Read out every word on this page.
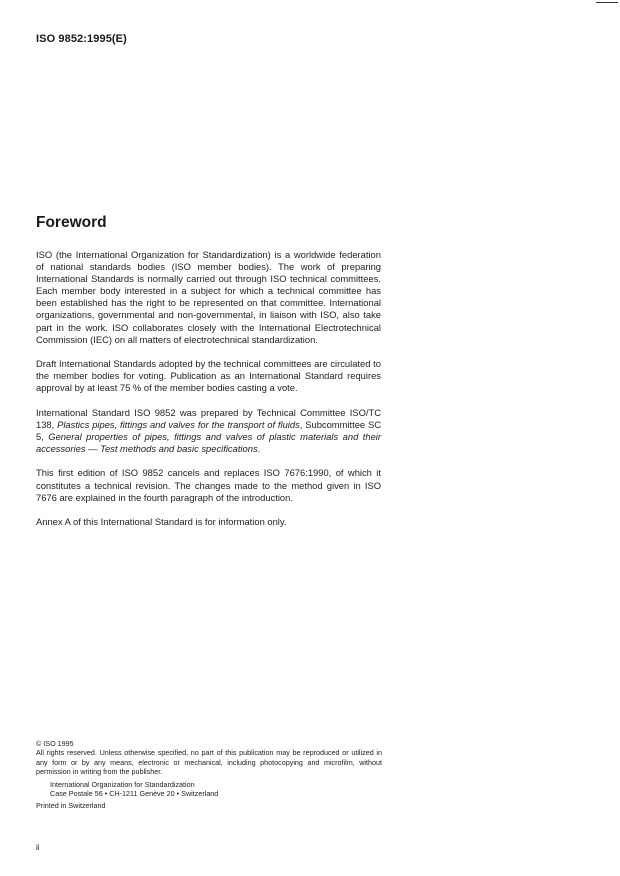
ISO 9852:1995(E)
Foreword

ISO (the International Organization for Standardization) is a worldwide federation of national standards bodies (ISO member bodies). The work of preparing International Standards is normally carried out through ISO technical committees. Each member body interested in a subject for which a technical committee has been established has the right to be represented on that committee. International organizations, governmental and non-governmental, in liaison with ISO, also take part in the work. ISO collaborates closely with the International Electrotechnical Commission (IEC) on all matters of electrotechnical standardization.

Draft International Standards adopted by the technical committees are circulated to the member bodies for voting. Publication as an International Standard requires approval by at least 75 % of the member bodies casting a vote.

International Standard ISO 9852 was prepared by Technical Committee ISO/TC 138, Plastics pipes, fittings and valves for the transport of fluids, Subcommittee SC 5, General properties of pipes, fittings and valves of plastic materials and their accessories — Test methods and basic specifications.

This first edition of ISO 9852 cancels and replaces ISO 7676:1990, of which it constitutes a technical revision. The changes made to the method given in ISO 7676 are explained in the fourth paragraph of the introduction.

Annex A of this International Standard is for information only.

© ISO 1995

All rights reserved. Unless otherwise specified, no part of this publication may be reproduced or utilized in any form or by any means, electronic or mechanical, including photocopying and microfilm, without permission in writing from the publisher.

International Organization for Standardization
Case Postale 56 • CH-1211 Genève 20 • Switzerland

Printed in Switzerland

ii
